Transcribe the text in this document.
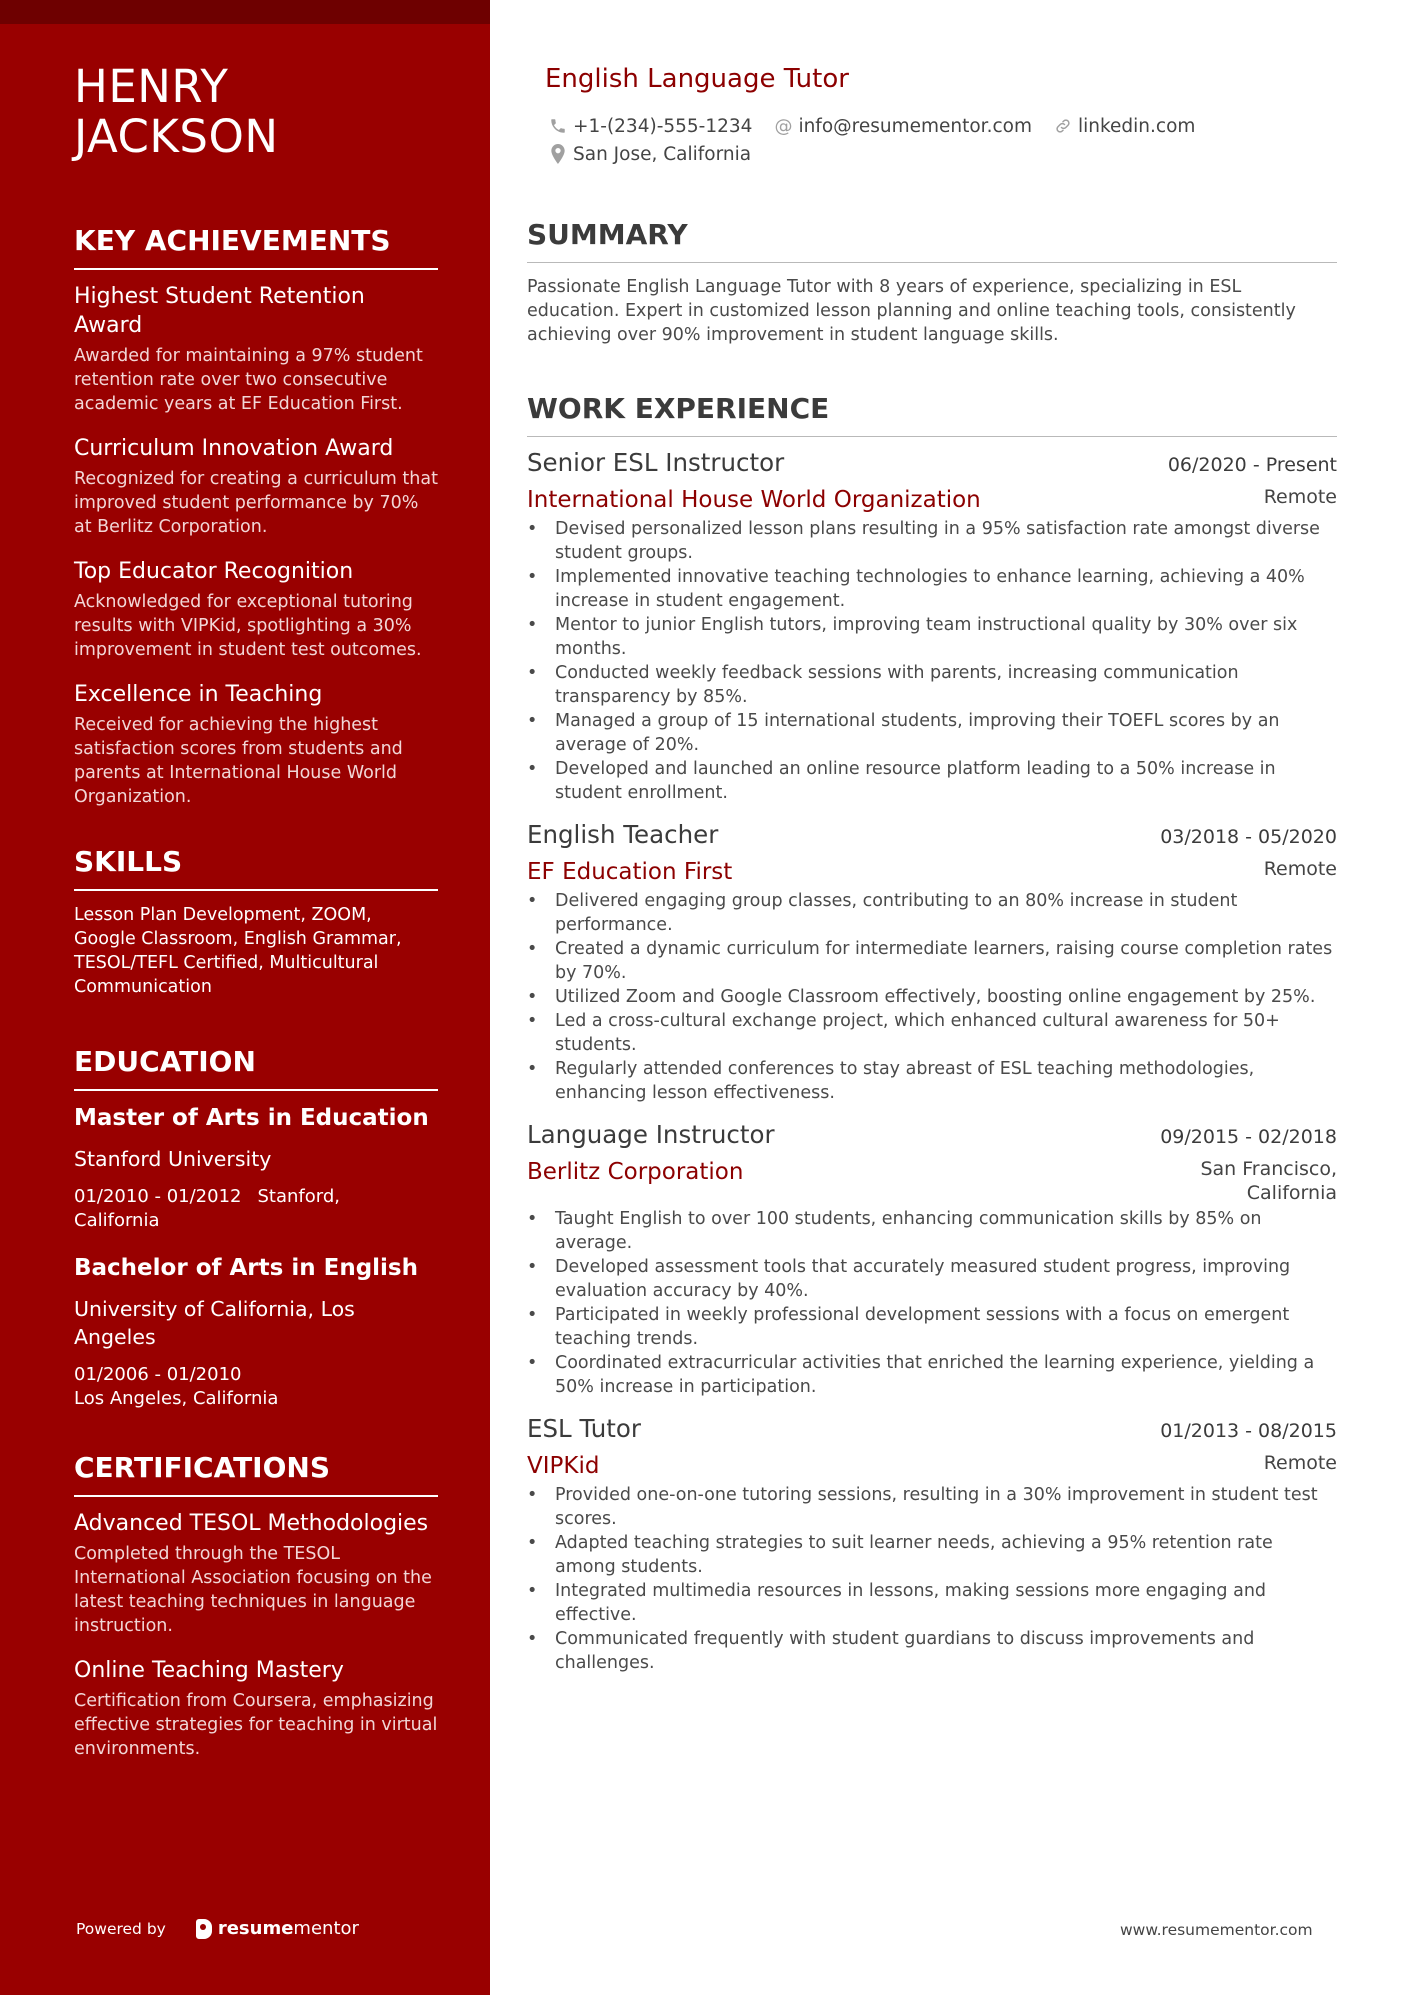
HENRY
JACKSON
KEY ACHIEVEMENTS
Highest Student Retention Award
Awarded for maintaining a 97% student retention rate over two consecutive academic years at EF Education First.
Curriculum Innovation Award
Recognized for creating a curriculum that improved student performance by 70% at Berlitz Corporation.
Top Educator Recognition
Acknowledged for exceptional tutoring results with VIPKid, spotlighting a 30% improvement in student test outcomes.
Excellence in Teaching
Received for achieving the highest satisfaction scores from students and parents at International House World Organization.
SKILLS
Lesson Plan Development, ZOOM, Google Classroom, English Grammar, TESOL/TEFL Certified, Multicultural Communication
EDUCATION
Master of Arts in Education
Stanford University
01/2010 - 01/2012 Stanford, California
Bachelor of Arts in English
University of California, Los Angeles
01/2006 - 01/2010
Los Angeles, California
CERTIFICATIONS
Advanced TESOL Methodologies
Completed through the TESOL International Association focusing on the latest teaching techniques in language instruction.
Online Teaching Mastery
Certification from Coursera, emphasizing effective strategies for teaching in virtual environments.
Powered by	resume mentor
English Language Tutor
+1-(234)-555-1234 @ info@resumementor.com linkedin.com
San Jose, California
SUMMARY

Passionate English Language Tutor with 8 years of experience, specializing in ESL education. Expert in customized lesson planning and online teaching tools, consistently achieving over 90% improvement in student language skills.

WORK EXPERIENCE
Senior ESL Instructor	06/2020 - Present
International House World Organization	Remote
• Devised personalized lesson plans resulting in a 95% satisfaction rate amongst diverse student groups.
• Implemented innovative teaching technologies to enhance learning, achieving a 40% increase in student engagement.
• Mentor to junior English tutors, improving team instructional quality by 30% over six months.
• Conducted weekly feedback sessions with parents, increasing communication transparency by 85%.
• Managed a group of 15 international students, improving their TOEFL scores by an average of 20%.
• Developed and launched an online resource platform leading to a 50% increase in student enrollment.
English Teacher	03/2018 - 05/2020
EF Education First	Remote
• Delivered engaging group classes, contributing to an 80% increase in student performance.
• Created a dynamic curriculum for intermediate learners, raising course completion rates by 70%.
• Utilized Zoom and Google Classroom effectively, boosting online engagement by 25%.
• Led a cross-cultural exchange project, which enhanced cultural awareness for 50+ students.
• Regularly attended conferences to stay abreast of ESL teaching methodologies, enhancing lesson effectiveness.
Language Instructor	09/2015 - 02/2018
Berlitz Corporation	San Francisco, California
• Taught English to over 100 students, enhancing communication skills by 85% on average.
• Developed assessment tools that accurately measured student progress, improving evaluation accuracy by 40%.
• Participated in weekly professional development sessions with a focus on emergent teaching trends.
• Coordinated extracurricular activities that enriched the learning experience, yielding a 50% increase in participation.
ESL Tutor	01/2013 - 08/2015
VIPKid	Remote
• Provided one-on-one tutoring sessions, resulting in a 30% improvement in student test scores.
• Adapted teaching strategies to suit learner needs, achieving a 95% retention rate among students.
• Integrated multimedia resources in lessons, making sessions more engaging and effective.
• Communicated frequently with student guardians to discuss improvements and challenges.
www.resumementor.com
